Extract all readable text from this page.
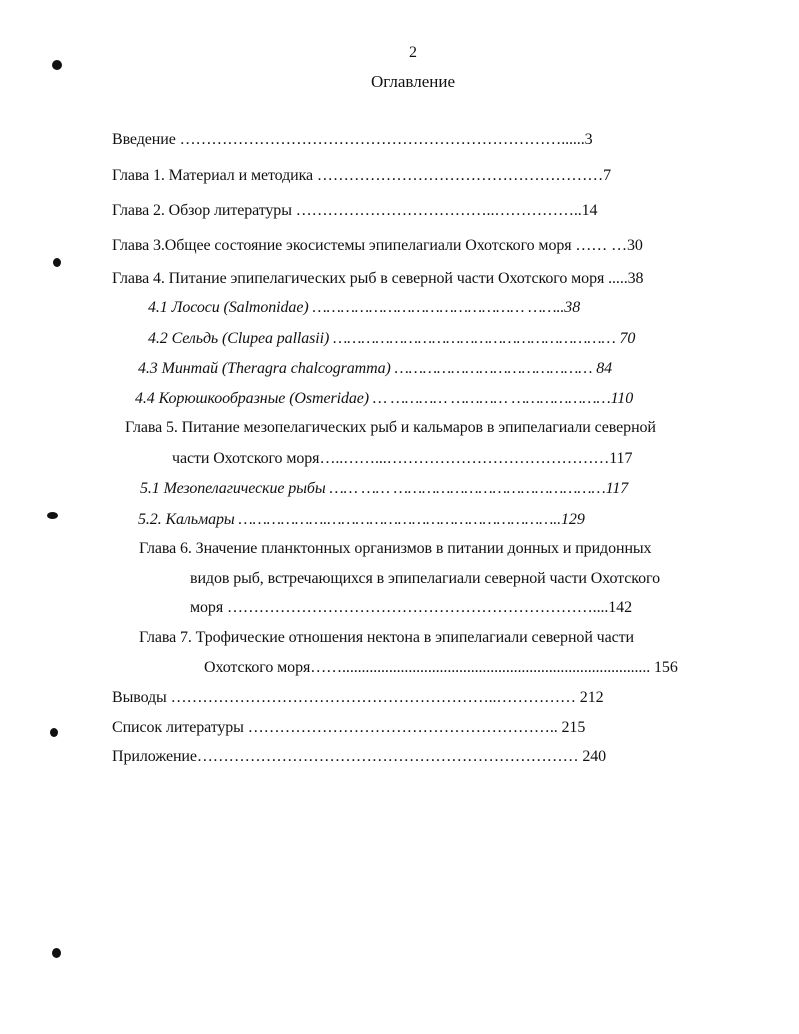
2
Оглавление
Введение ………………………………………………………………......3
Глава 1. Материал и методика ………………………………………………7
Глава 2. Обзор литературы ………………………………..……………..14
Глава 3.Общее состояние экосистемы эпипелагиали Охотского моря …… …30
Глава 4. Питание эпипелагических рыб в северной части Охотского моря .....38
4.1 Лососи (Salmonidae) ……………………………………… ……..38
4.2 Сельдь (Clupea pallasii) …………………………………………………… 70
4.3 Минтай (Theragra chalcogramma) …………………………………… 84
4.4 Корюшкообразные (Osmeridae) … ………… ………… …………………110
Глава 5. Питание мезопелагических рыб и кальмаров в эпипелагиали северной
части Охотского моря…..……...……………………………………117
5.1 Мезопелагические рыбы …… …… ………………………………………117
5.2. Кальмары ……………….…………………………………………..129
Глава 6. Значение планктонных организмов в питании донных и придонных
видов рыб, встречающихся в эпипелагиали северной части Охотского
моря ……………………………………………………………....142
Глава 7. Трофические отношения нектона в эпипелагиали северной части
Охотского моря……............................................................................... 156
Выводы ……………………………………………………..…………… 212
Список литературы ………………………………………………….. 215
Приложение……………………………………………………………… 240
